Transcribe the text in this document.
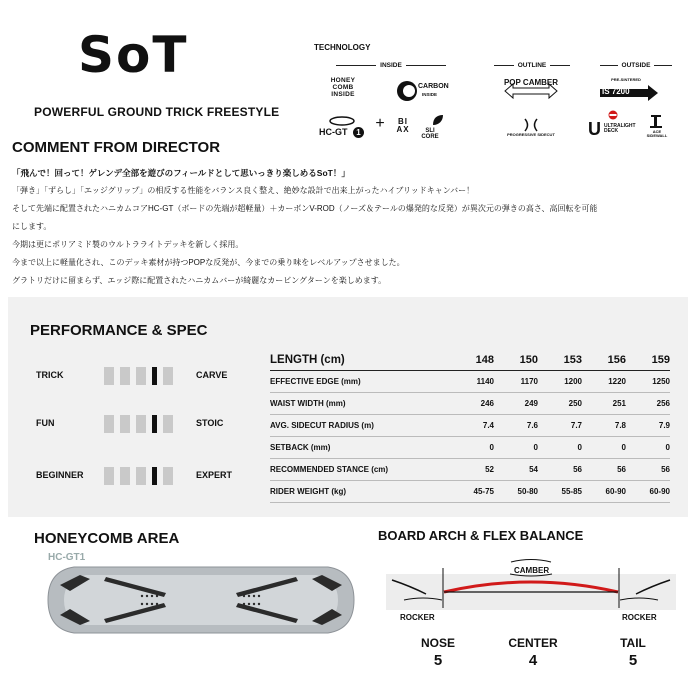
SoT
POWERFUL GROUND TRICK FREESTYLE
TECHNOLOGY
INSIDE	OUTLINE	OUTSIDE
HONEY COMB INSIDE
CARBON
INSIDE
HC-GT	1
+	BI AX	SLI CORE
POP CAMBER
PROGRESSIVE SIDECUT
PRE-SINTERED
IS 7200
U ULTRALIGHT DECK	ACE SIDEWALL
COMMENT FROM DIRECTOR

「飛んで！回って！ゲレンデ全部を遊びのフィールドとして思いっきり楽しめるSoT！」

「弾き」「ずらし」「エッジグリップ」の相反する性能をバランス良く整え、絶妙な設計で出来上がったハイブリッドキャンバー！

そして先端に配置されたハニカムコアHC-GT（ボードの先端が超軽量）＋カーボンV-ROD（ノーズ＆テールの爆発的な反発）が異次元の弾きの高さ、高回転を可能

にします。

今期は更にポリアミド製のウルトラライトデッキを新しく採用。

今まで以上に軽量化され、このデッキ素材が持つPOPな反発が、今までの乗り味をレベルアップさせました。

グラトリだけに留まらず、エッジ際に配置されたハニカムバーが綺麗なカービングターンを楽しめます。

PERFORMANCE & SPEC
TRICK	CARVE
FUN	STOIC
BEGINNER	EXPERT
LENGTH (cm)	148	150	153	156	159
EFFECTIVE EDGE (mm)	1140	1170	1200	1220	1250
WAIST WIDTH (mm)	246	249	250	251	256
AVG. SIDECUT RADIUS (m)	7.4	7.6	7.7	7.8	7.9
SETBACK (mm)	0	0	0	0	0
RECOMMENDED STANCE (cm)	52	54	56	56	56
RIDER WEIGHT (kg)	45-75	50-80	55-85	60-90	60-90
HONEYCOMB AREA
HC-GT1
BOARD ARCH & FLEX BALANCE
CAMBER
ROCKER	ROCKER
NOSE
5
CENTER
4
TAIL
5
